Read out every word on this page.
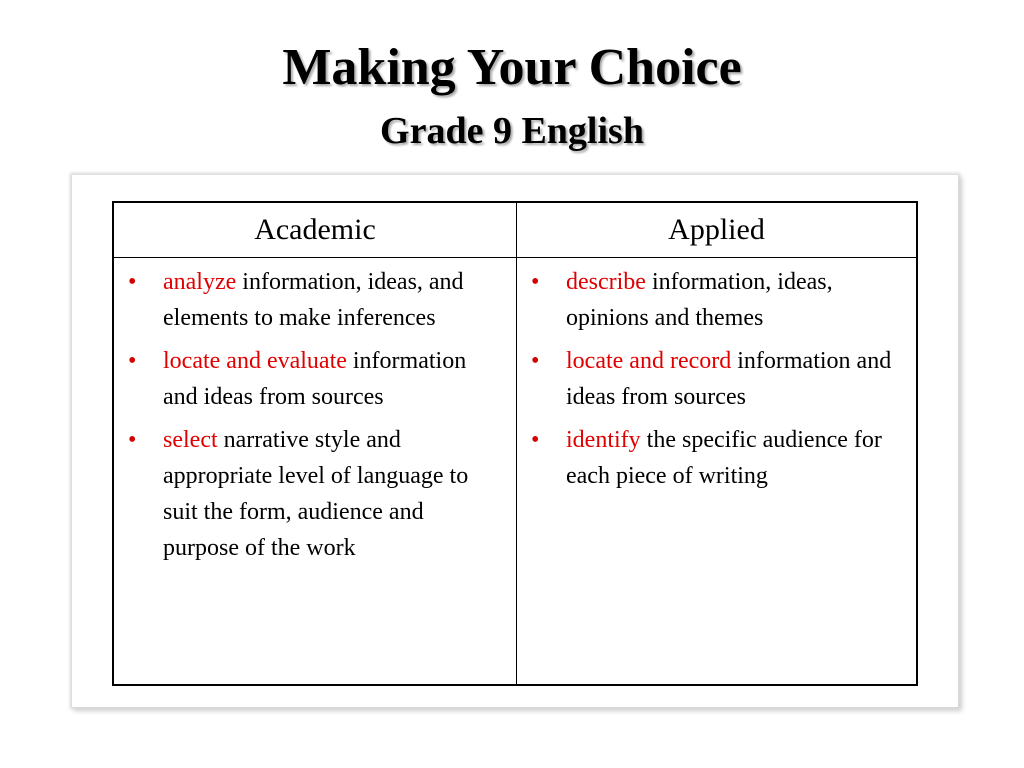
Making Your Choice
Grade 9 English
Academic	Applied
• analyze information, ideas, and elements to make inferences
• locate and evaluate information and ideas from sources
• select narrative style and appropriate level of language to suit the form, audience and purpose of the work
• describe information, ideas, opinions and themes
• locate and record information and ideas from sources
• identify the specific audience for each piece of writing
